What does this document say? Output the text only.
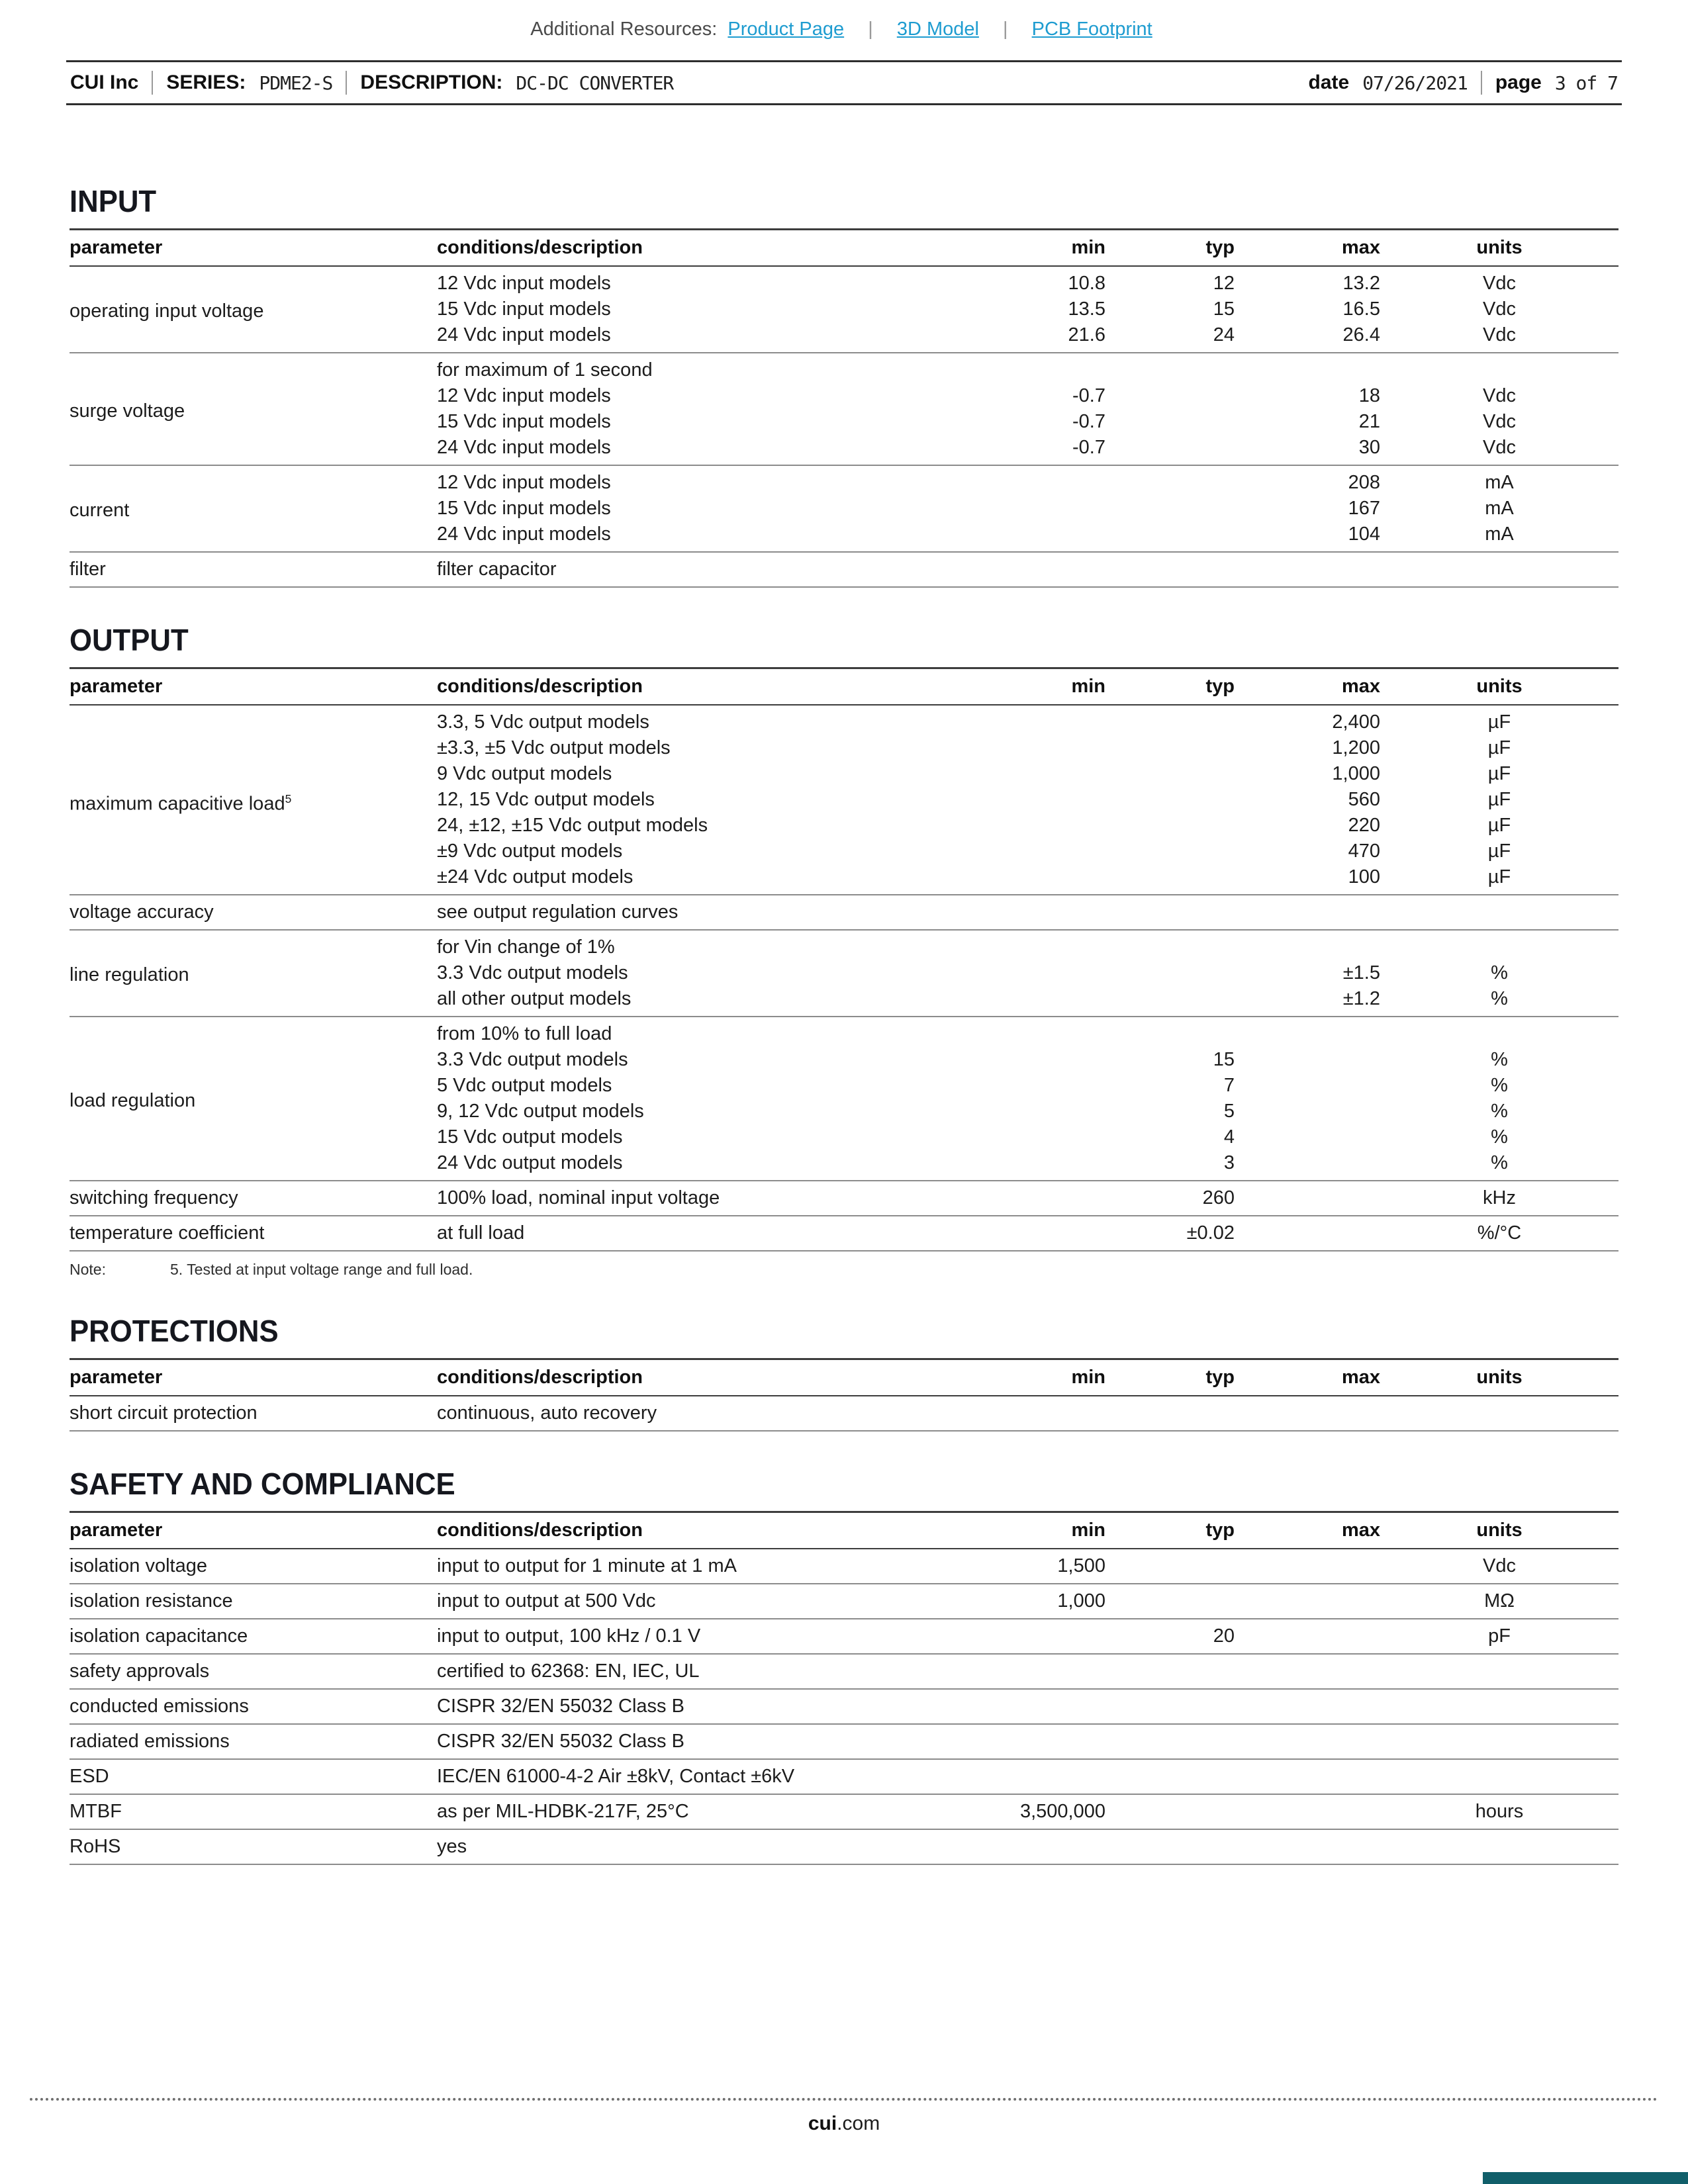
Additional Resources: Product Page | 3D Model | PCB Footprint
CUI Inc SERIES: PDME2-S DESCRIPTION: DC-DC CONVERTER	date 07/26/2021 page 3 of 7
INPUT
parameter	conditions/description	min	typ	max	units
operating input voltage	12 Vdc input models	10.8	12	13.2	Vdc
	15 Vdc input models	13.5	15	16.5	Vdc
	24 Vdc input models	21.6	24	26.4	Vdc
surge voltage	for maximum of 1 second				
	12 Vdc input models	-0.7		18	Vdc
	15 Vdc input models	-0.7		21	Vdc
	24 Vdc input models	-0.7		30	Vdc
current	12 Vdc input models			208	mA
	15 Vdc input models			167	mA
	24 Vdc input models			104	mA
filter	filter capacitor				
OUTPUT
parameter	conditions/description	min	typ	max	units
maximum capacitive load$^5$	3.3, 5 Vdc output models			2,400	µF
	±3.3, ±5 Vdc output models			1,200	µF
	9 Vdc output models			1,000	µF
	12, 15 Vdc output models			560	µF
	24, ±12, ±15 Vdc output models			220	µF
	±9 Vdc output models			470	µF
	±24 Vdc output models			100	µF
voltage accuracy	see output regulation curves				
line regulation	for Vin change of 1%				
	3.3 Vdc output models			±1.5	%
	all other output models			±1.2	%
load regulation	from 10% to full load				
	3.3 Vdc output models		15		%
	5 Vdc output models		7		%
	9, 12 Vdc output models		5		%
	15 Vdc output models		4		%
	24 Vdc output models		3		%
switching frequency	100% load, nominal input voltage		260		kHz
temperature coefficient	at full load		±0.02		%/°C
Note:	5. Tested at input voltage range and full load.
PROTECTIONS
parameter	conditions/description	min	typ	max	units
short circuit protection	continuous, auto recovery				
SAFETY AND COMPLIANCE
parameter	conditions/description	min	typ	max	units
isolation voltage	input to output for 1 minute at 1 mA	1,500			Vdc
isolation resistance	input to output at 500 Vdc	1,000			MΩ
isolation capacitance	input to output, 100 kHz / 0.1 V		20		pF
safety approvals	certified to 62368: EN, IEC, UL				
conducted emissions	CISPR 32/EN 55032 Class B				
radiated emissions	CISPR 32/EN 55032 Class B				
ESD	IEC/EN 61000-4-2 Air ±8kV, Contact ±6kV				
MTBF	as per MIL-HDBK-217F, 25°C	3,500,000			hours
RoHS	yes				
cui.com
